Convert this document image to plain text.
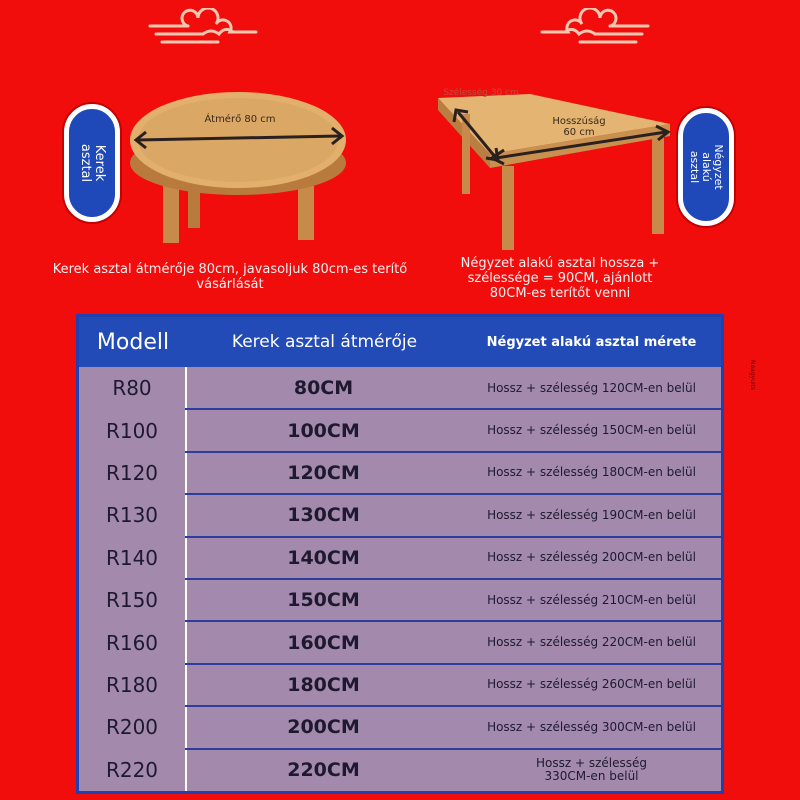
Kerek
asztal
Átmérő 80 cm
Kerek asztal átmérője 80cm, javasoljuk 80cm-es terítő vásárlását
Szélesség 30 cm
Hosszúság
60 cm
Négyzet
alakú
asztal
Négyzet alakú asztal hossza + szélessége = 90CM, ajánlott 80CM-es terítőt venni
Modell	Kerek asztal átmérője	Négyzet alakú asztal mérete
R80	80CM	Hossz + szélesség 120CM-en belül
R100	100CM	Hossz + szélesség 150CM-en belül
R120	120CM	Hossz + szélesség 180CM-en belül
R130	130CM	Hossz + szélesség 190CM-en belül
R140	140CM	Hossz + szélesség 200CM-en belül
R150	150CM	Hossz + szélesség 210CM-en belül
R160	160CM	Hossz + szélesség 220CM-en belül
R180	180CM	Hossz + szélesség 260CM-en belül
R200	200CM	Hossz + szélesség 300CM-en belül
R220	220CM	Hossz + szélesség
330CM-en belül
Neagyuits
